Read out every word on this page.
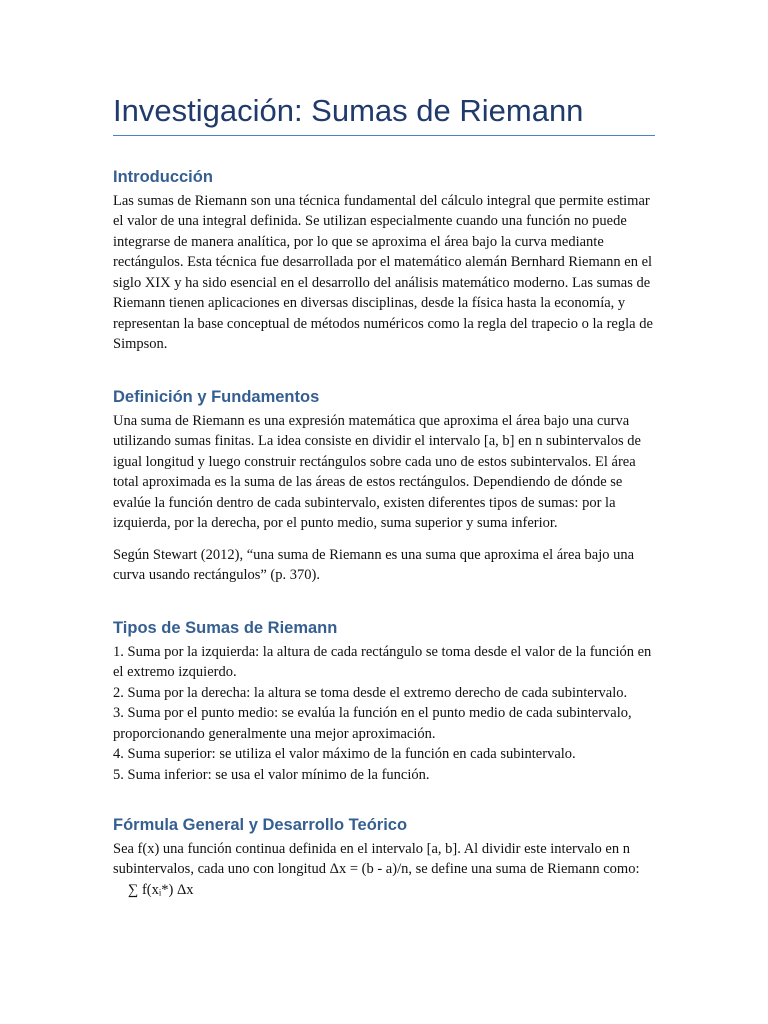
Investigación: Sumas de Riemann
Introducción

Las sumas de Riemann son una técnica fundamental del cálculo integral que permite estimar el valor de una integral definida. Se utilizan especialmente cuando una función no puede integrarse de manera analítica, por lo que se aproxima el área bajo la curva mediante rectángulos. Esta técnica fue desarrollada por el matemático alemán Bernhard Riemann en el siglo XIX y ha sido esencial en el desarrollo del análisis matemático moderno. Las sumas de Riemann tienen aplicaciones en diversas disciplinas, desde la física hasta la economía, y representan la base conceptual de métodos numéricos como la regla del trapecio o la regla de Simpson.

Definición y Fundamentos

Una suma de Riemann es una expresión matemática que aproxima el área bajo una curva utilizando sumas finitas. La idea consiste en dividir el intervalo [a, b] en n subintervalos de igual longitud y luego construir rectángulos sobre cada uno de estos subintervalos. El área total aproximada es la suma de las áreas de estos rectángulos. Dependiendo de dónde se evalúe la función dentro de cada subintervalo, existen diferentes tipos de sumas: por la izquierda, por la derecha, por el punto medio, suma superior y suma inferior.

Según Stewart (2012), “una suma de Riemann es una suma que aproxima el área bajo una curva usando rectángulos” (p. 370).

Tipos de Sumas de Riemann

1. Suma por la izquierda: la altura de cada rectángulo se toma desde el valor de la función en el extremo izquierdo.

2. Suma por la derecha: la altura se toma desde el extremo derecho de cada subintervalo.

3. Suma por el punto medio: se evalúa la función en el punto medio de cada subintervalo, proporcionando generalmente una mejor aproximación.

4. Suma superior: se utiliza el valor máximo de la función en cada subintervalo.

5. Suma inferior: se usa el valor mínimo de la función.

Fórmula General y Desarrollo Teórico

Sea f(x) una función continua definida en el intervalo [a, b]. Al dividir este intervalo en n subintervalos, cada uno con longitud Δx = (b - a)/n, se define una suma de Riemann como:

∑ f(xᵢ*) Δx
